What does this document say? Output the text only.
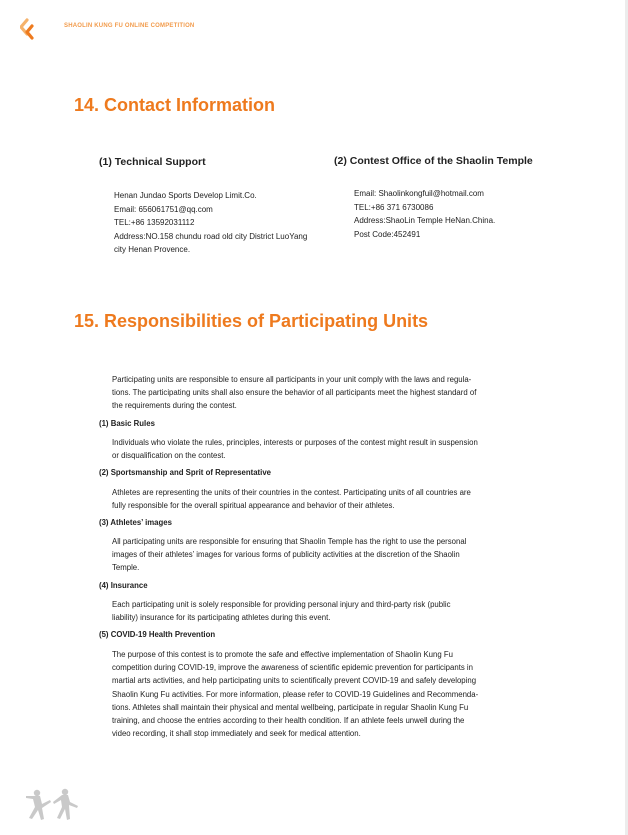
SHAOLIN KUNG FU ONLINE COMPETITION
14. Contact Information
(1) Technical Support
Henan Jundao Sports Develop Limit.Co.
Email: 656061751@qq.com
TEL:+86 13592031112
Address:NO.158 chundu road old city District LuoYang
city Henan Provence.
(2) Contest Office of the Shaolin Temple
Email: Shaolinkongfuil@hotmail.com
TEL:+86 371 6730086
Address:ShaoLin Temple HeNan.China.
Post Code:452491
15. Responsibilities of Participating Units
Participating units are responsible to ensure all participants in your unit comply with the laws and regula-
tions. The participating units shall also ensure the behavior of all participants meet the highest standard of
the requirements during the contest.
(1) Basic Rules
Individuals who violate the rules, principles, interests or purposes of the contest might result in suspension
or disqualification on the contest.
(2) Sportsmanship and Sprit of Representative
Athletes are representing the units of their countries in the contest. Participating units of all countries are
fully responsible for the overall spiritual appearance and behavior of their athletes.
(3) Athletes’ images
All participating units are responsible for ensuring that Shaolin Temple has the right to use the personal
images of their athletes’ images for various forms of publicity activities at the discretion of the Shaolin
Temple.
(4) Insurance
Each participating unit is solely responsible for providing personal injury and third-party risk (public
liability) insurance for its participating athletes during this event.
(5) COVID-19 Health Prevention
The purpose of this contest is to promote the safe and effective implementation of Shaolin Kung Fu
competition during COVID-19, improve the awareness of scientific epidemic prevention for participants in
martial arts activities, and help participating units to scientifically prevent COVID-19 and safely developing
Shaolin Kung Fu activities. For more information, please refer to COVID-19 Guidelines and Recommenda-
tions. Athletes shall maintain their physical and mental wellbeing, participate in regular Shaolin Kung Fu
training, and choose the entries according to their health condition. If an athlete feels unwell during the
video recording, it shall stop immediately and seek for medical attention.
